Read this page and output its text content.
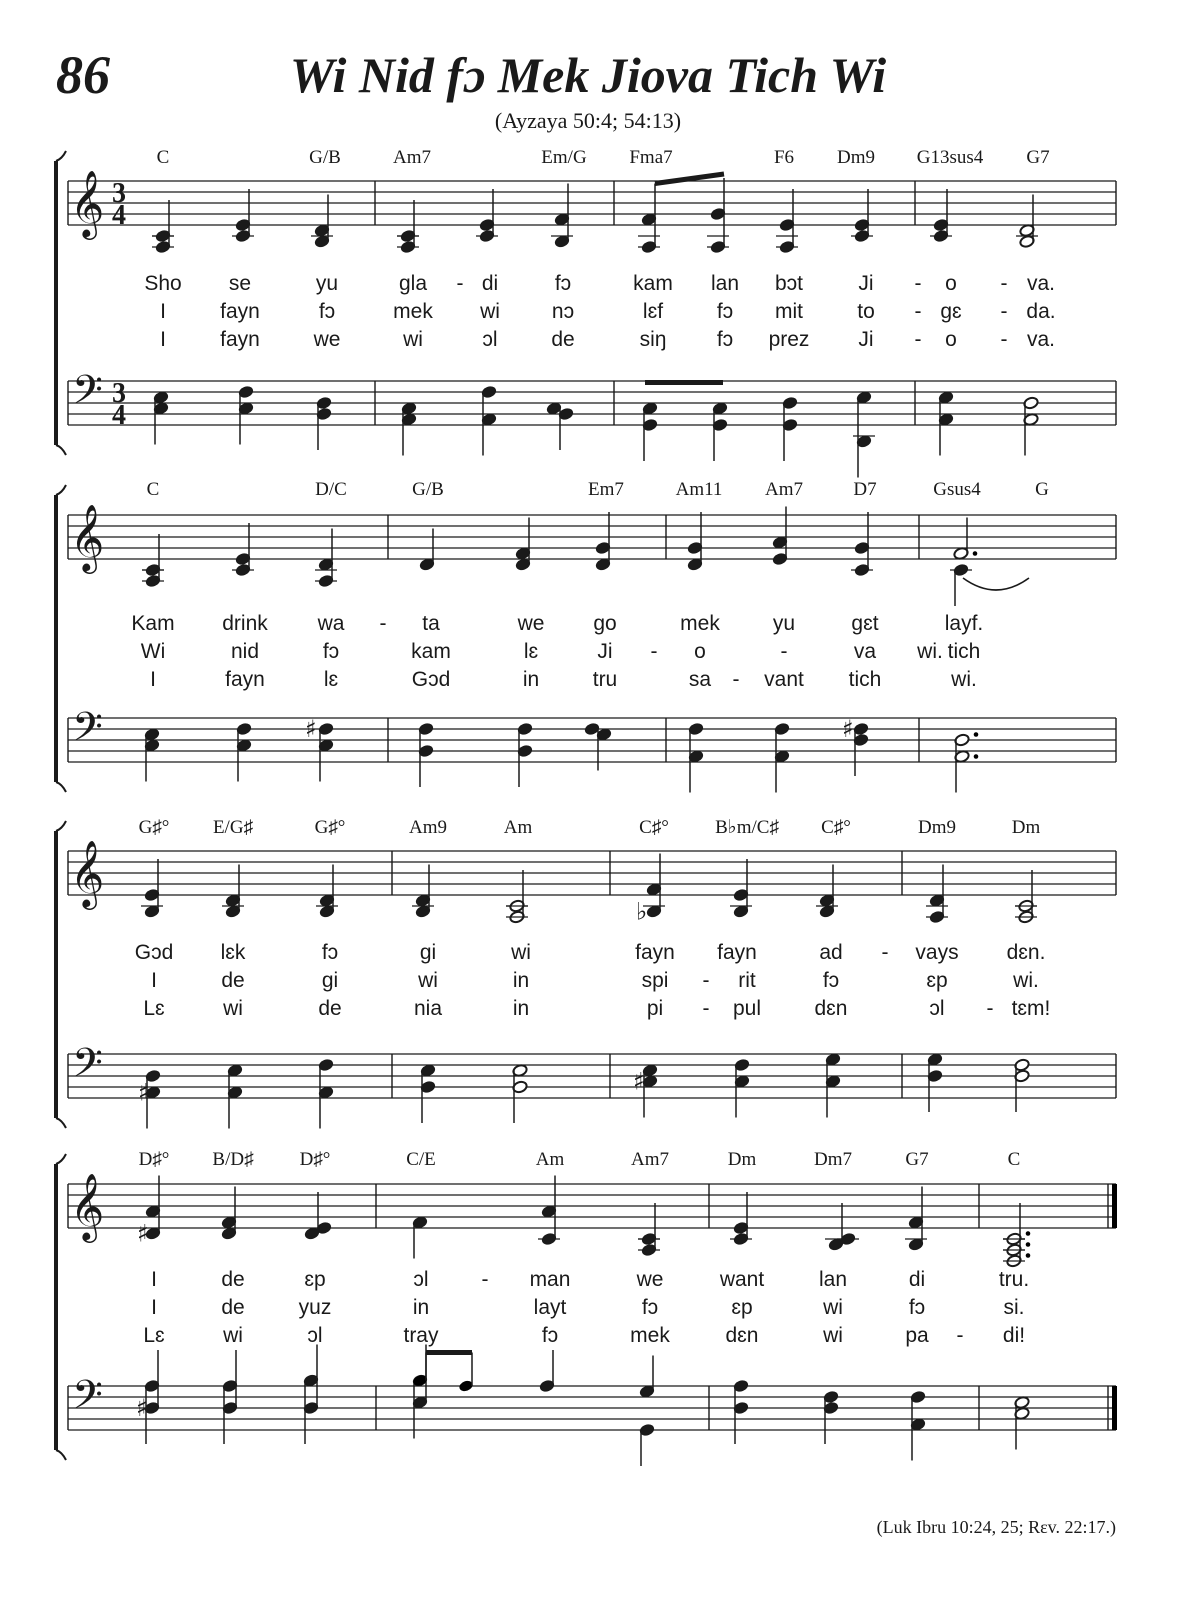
86	Wi Nid fɔ Mek Jiova Tich Wi
(Ayzaya 50:4; 54:13)
(Luk Ibru 10:24, 25; Rɛv. 22:17.)
𝄞
𝄢
3
4
3
4
C	G/B	Am7	Em/G Fma7	F6 Dm9 G13sus4 G7
Sho se	yu	gla - di	fɔ	kam lan bɔt	Ji - o - va.
I	fayn	fɔ	mek wi nɔ	lɛf	fɔ mit	to - gɛ - da.
I	fayn	we	wi	ɔl	de	siŋ fɔ prez Ji - o - va.
𝄞
𝄢
C	D/C	G/B	Em7	Am11 Am7	D7	Gsus4	G
Kam drink wa - ta	we go	mek	yu	gɛt	layf.
Wi	nid	fɔ	kam	lɛ	Ji - o	-	va	tich
wi.
I	fayn	lɛ	Gɔd	in	tru	sa - vant tich	wi.
𝄞
𝄢
G♯° E/G♯	G♯°	Am9	Am	C♯° B♭m/C♯ C♯°	Dm9	Dm
Gɔd lɛk	fɔ	gi	wi	fayn fayn	ad - vays dɛn.
I	de	gi	wi	in	spi - rit	fɔ	ɛp	wi.
Lɛ	wi	de	nia	in	pi - pul	dɛn	ɔl - tɛm!
𝄞
𝄢
D♯° B/D♯ D♯°	C/E	Am	Am7	Dm	Dm7	G7	C
I	de	ɛp	ɔl	- man	we	want	lan	di	tru.
I	de	yuz	in	layt	fɔ	ɛp	wi	fɔ	si.
Lɛ	wi	ɔl	tray	fɔ	mek	dɛn	wi	pa - di!
♯	♯
♯	♯
♭
♯
♯
